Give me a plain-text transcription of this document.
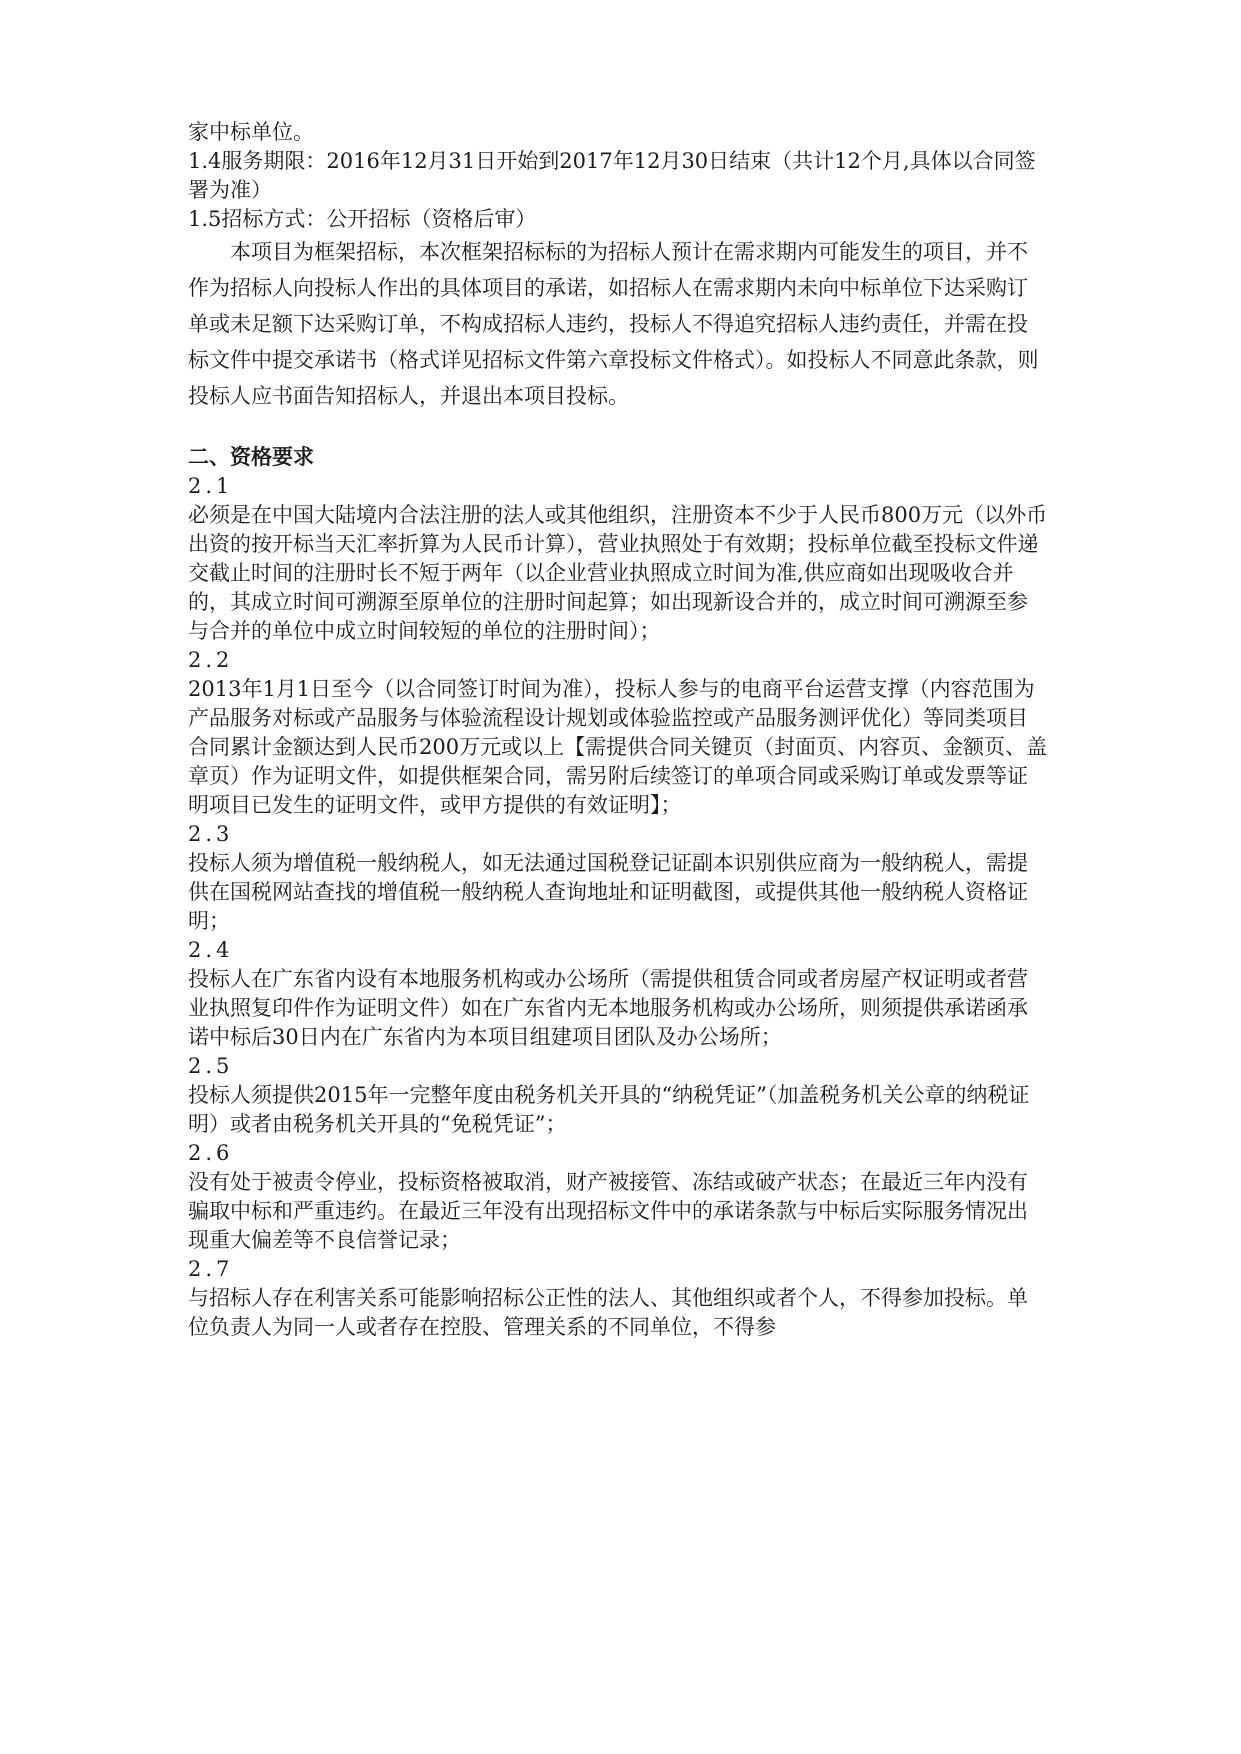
家中标单位。
1.4服务期限：2016年12月31日开始到2017年12月30日结束（共计12个月,具体以合同签署为准）
1.5招标方式：公开招标（资格后审）
本项目为框架招标，本次框架招标标的为招标人预计在需求期内可能发生的项目，并不作为招标人向投标人作出的具体项目的承诺，如招标人在需求期内未向中标单位下达采购订单或未足额下达采购订单，不构成招标人违约，投标人不得追究招标人违约责任，并需在投标文件中提交承诺书（格式详见招标文件第六章投标文件格式）。如投标人不同意此条款，则投标人应书面告知招标人，并退出本项目投标。
二、资格要求
2.1
必须是在中国大陆境内合法注册的法人或其他组织，注册资本不少于人民币800万元（以外币出资的按开标当天汇率折算为人民币计算），营业执照处于有效期；投标单位截至投标文件递交截止时间的注册时长不短于两年（以企业营业执照成立时间为准,供应商如出现吸收合并的，其成立时间可溯源至原单位的注册时间起算；如出现新设合并的，成立时间可溯源至参与合并的单位中成立时间较短的单位的注册时间）；
2.2
2013年1月1日至今（以合同签订时间为准），投标人参与的电商平台运营支撑（内容范围为产品服务对标或产品服务与体验流程设计规划或体验监控或产品服务测评优化）等同类项目合同累计金额达到人民币200万元或以上【需提供合同关键页（封面页、内容页、金额页、盖章页）作为证明文件，如提供框架合同，需另附后续签订的单项合同或采购订单或发票等证明项目已发生的证明文件，或甲方提供的有效证明】；
2.3
投标人须为增值税一般纳税人，如无法通过国税登记证副本识别供应商为一般纳税人，需提供在国税网站查找的增值税一般纳税人查询地址和证明截图，或提供其他一般纳税人资格证明；
2.4
投标人在广东省内设有本地服务机构或办公场所（需提供租赁合同或者房屋产权证明或者营业执照复印件作为证明文件）如在广东省内无本地服务机构或办公场所，则须提供承诺函承诺中标后30日内在广东省内为本项目组建项目团队及办公场所；
2.5
投标人须提供2015年一完整年度由税务机关开具的“纳税凭证”（加盖税务机关公章的纳税证明）或者由税务机关开具的“免税凭证”；
2.6
没有处于被责令停业，投标资格被取消，财产被接管、冻结或破产状态；在最近三年内没有骗取中标和严重违约。在最近三年没有出现招标文件中的承诺条款与中标后实际服务情况出现重大偏差等不良信誉记录；
2.7
与招标人存在利害关系可能影响招标公正性的法人、其他组织或者个人，不得参加投标。单位负责人为同一人或者存在控股、管理关系的不同单位，不得参
